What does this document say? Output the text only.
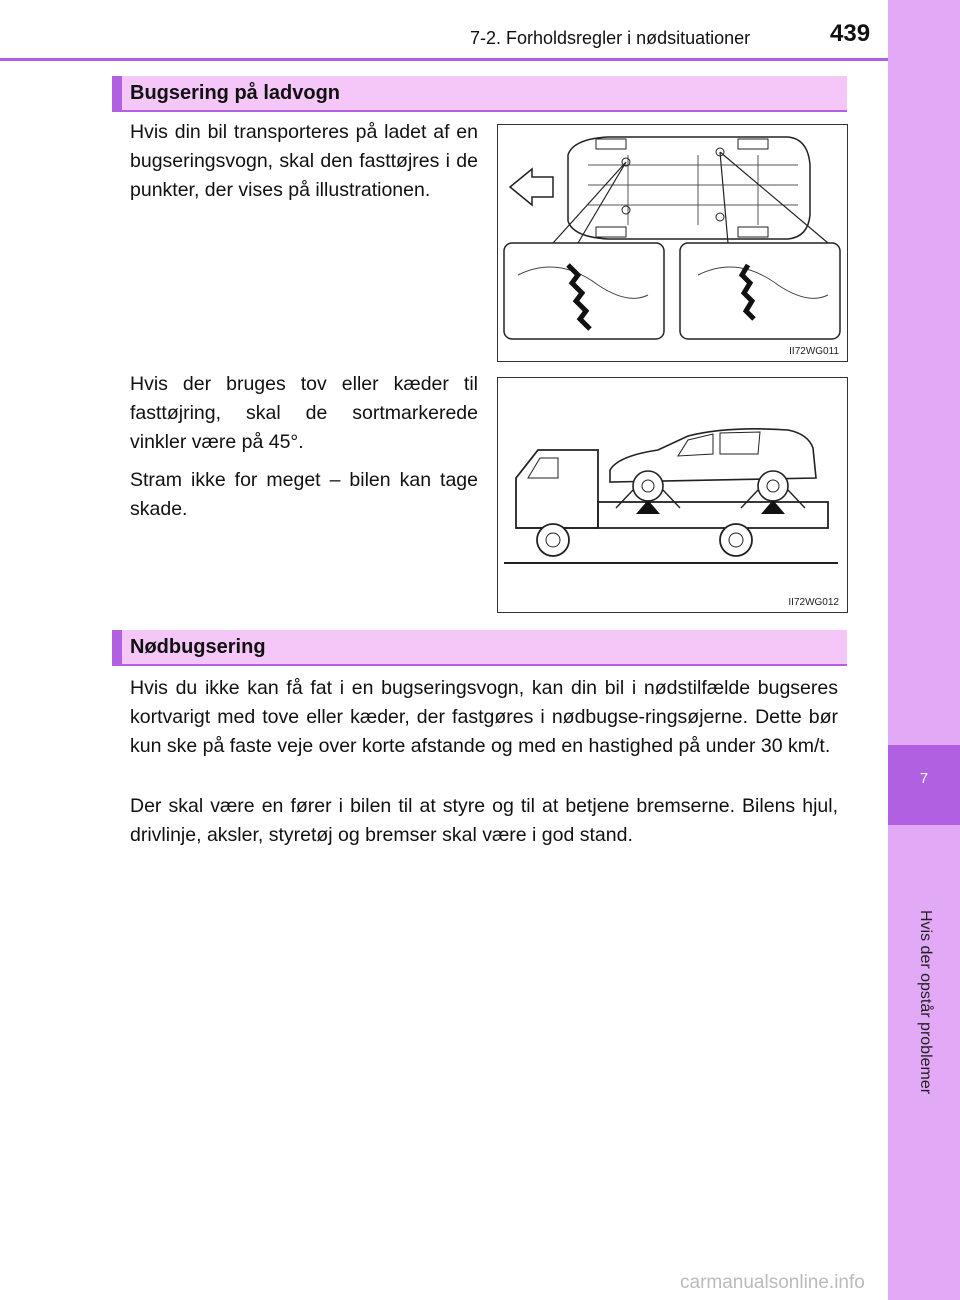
7
Hvis der opstår problemer
7-2. Forholdsregler i nødsituationer	439
Bugsering på ladvogn
Hvis din bil transporteres på ladet af en bugseringsvogn, skal den fasttøjres i de punkter, der vises på illustrationen.
II72WG011
Hvis der bruges tov eller kæder til fasttøjring, skal de sortmarkerede vinkler være på 45°.
Stram ikke for meget – bilen kan tage skade.
II72WG012
Nødbugsering
Hvis du ikke kan få fat i en bugseringsvogn, kan din bil i nødstilfælde bugseres kortvarigt med tove eller kæder, der fastgøres i nødbugse-ringsøjerne. Dette bør kun ske på faste veje over korte afstande og med en hastighed på under 30 km/t.
Der skal være en fører i bilen til at styre og til at betjene bremserne. Bilens hjul, drivlinje, aksler, styretøj og bremser skal være i god stand.
carmanualsonline.info
